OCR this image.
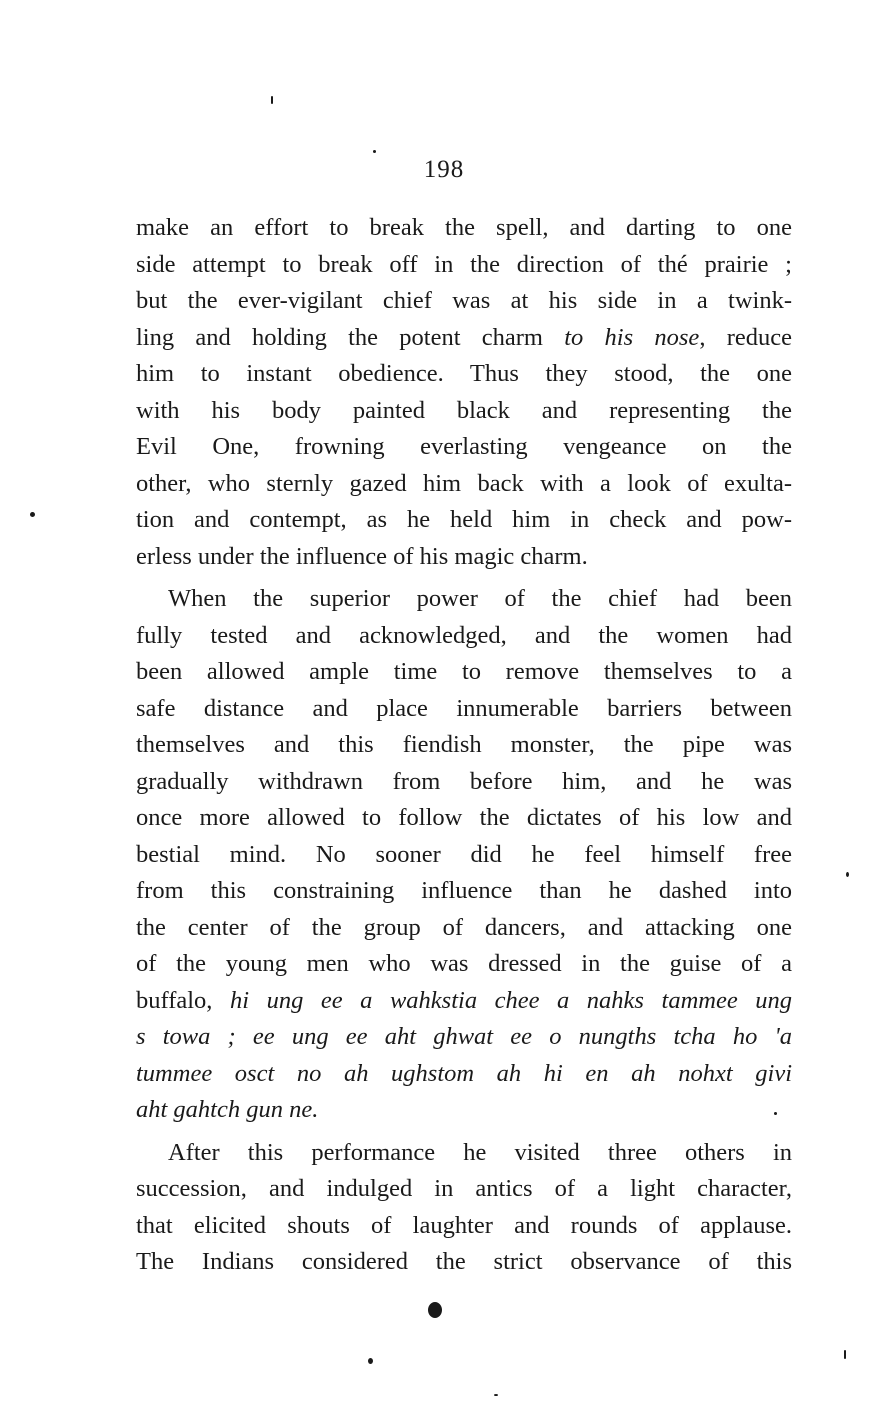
198
make an effort to break the spell, and darting to one
side attempt to break off in the direction of thé prairie ;
but the ever-vigilant chief was at his side in a twink-
ling and holding the potent charm to his nose, reduce
him to instant obedience. Thus they stood, the one
with his body painted black and representing the
Evil One, frowning everlasting vengeance on the
other, who sternly gazed him back with a look of exulta-
tion and contempt, as he held him in check and pow-
erless under the influence of his magic charm.
When the superior power of the chief had been
fully tested and acknowledged, and the women had
been allowed ample time to remove themselves to a
safe distance and place innumerable barriers between
themselves and this fiendish monster, the pipe was
gradually withdrawn from before him, and he was
once more allowed to follow the dictates of his low and
bestial mind. No sooner did he feel himself free
from this constraining influence than he dashed into
the center of the group of dancers, and attacking one
of the young men who was dressed in the guise of a
buffalo, hi ung ee a wahkstia chee a nahks tammee ung
s towa ; ee ung ee aht ghwat ee o nungths tcha ho 'a
tummee osct no ah ughstom ah hi en ah nohxt givi
aht gahtch gun ne.
After this performance he visited three others in
succession, and indulged in antics of a light character,
that elicited shouts of laughter and rounds of applause.
The Indians considered the strict observance of this
